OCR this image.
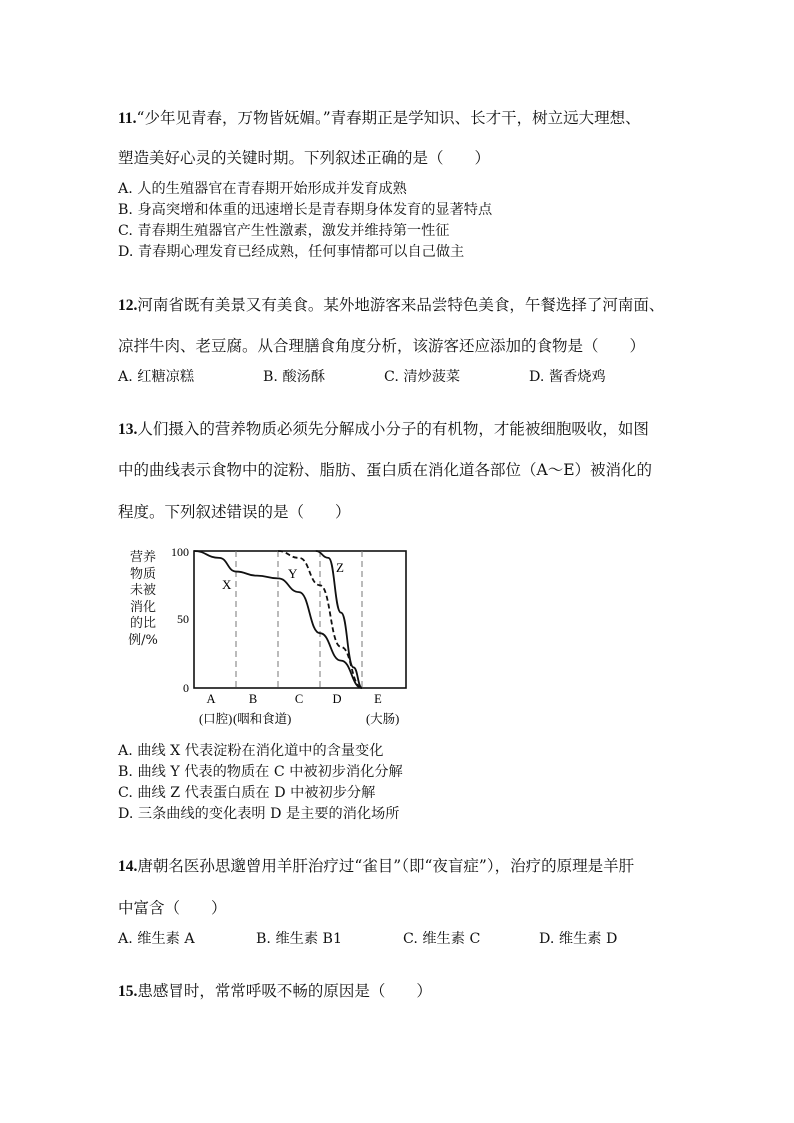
11.“少年见青春，万物皆妩媚。”青春期正是学知识、长才干，树立远大理想、
塑造美好心灵的关键时期。下列叙述正确的是（　　）
A. 人的生殖器官在青春期开始形成并发育成熟
B. 身高突增和体重的迅速增长是青春期身体发育的显著特点
C. 青春期生殖器官产生性激素，激发并维持第一性征
D. 青春期心理发育已经成熟，任何事情都可以自己做主
12.河南省既有美景又有美食。某外地游客来品尝特色美食，午餐选择了河南面、
凉拌牛肉、老豆腐。从合理膳食角度分析，该游客还应添加的食物是（　　）
A. 红糖凉糕	B. 酸汤酥	C. 清炒菠菜	D. 酱香烧鸡
13.人们摄入的营养物质必须先分解成小分子的有机物，才能被细胞吸收，如图
中的曲线表示食物中的淀粉、脂肪、蛋白质在消化道各部位（A～E）被消化的
程度。下列叙述错误的是（　　）
营养
物质
未被
消化
的比
例/%
100
50
0
A	B	C D	E
(口腔) (咽和食道)	(大肠)
X
Y	Z
A. 曲线 X 代表淀粉在消化道中的含量变化
B. 曲线 Y 代表的物质在 C 中被初步消化分解
C. 曲线 Z 代表蛋白质在 D 中被初步分解
D. 三条曲线的变化表明 D 是主要的消化场所
14.唐朝名医孙思邈曾用羊肝治疗过“雀目”（即“夜盲症”），治疗的原理是羊肝
中富含（　　）
A. 维生素 A	B. 维生素 B1	C. 维生素 C	D. 维生素 D
15.患感冒时，常常呼吸不畅的原因是（　　）
